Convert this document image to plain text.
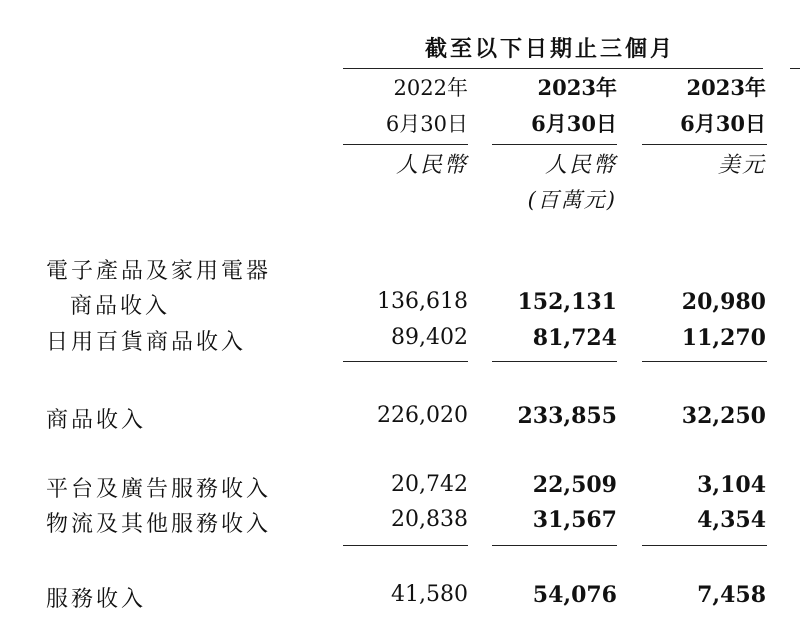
截至以下日期止三個月
2022年	2023年	2023年
6月30日	6月30日	6月30日
人民幣	人民幣	美元
(百萬元)
電子產品及家用電器
商品收入	136,618	152,131	20,980
日用百貨商品收入	89,402	81,724	11,270
商品收入	226,020	233,855	32,250
平台及廣告服務收入	20,742	22,509	3,104
物流及其他服務收入	20,838	31,567	4,354
服務收入	41,580	54,076	7,458
